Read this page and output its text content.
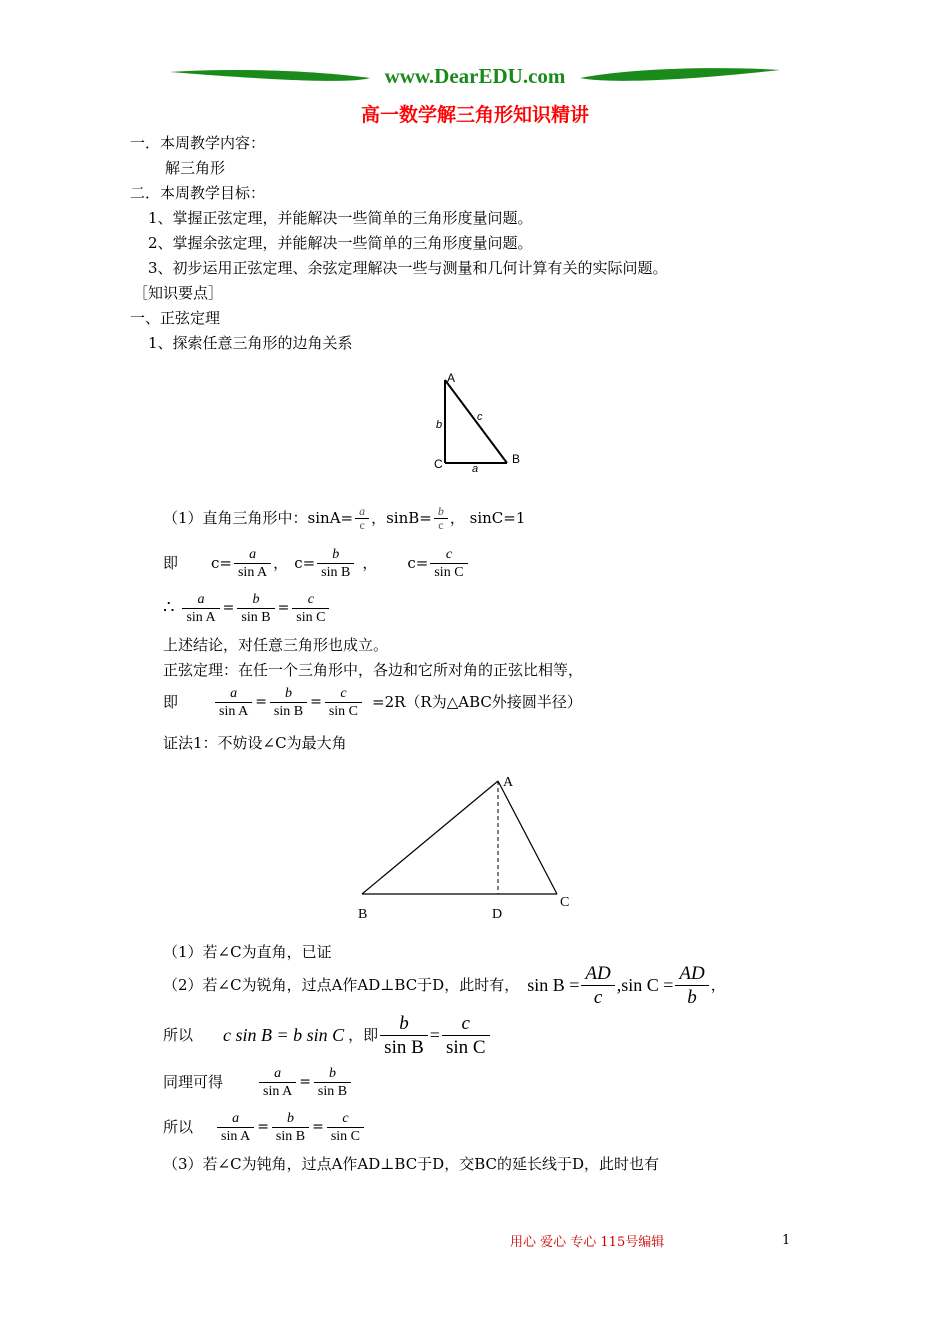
www.DearEDU.com
高一数学解三角形知识精讲
一．本周教学内容：
解三角形
二．本周教学目标：
1、掌握正弦定理，并能解决一些简单的三角形度量问题。
2、掌握余弦定理，并能解决一些简单的三角形度量问题。
3、初步运用正弦定理、余弦定理解决一些与测量和几何计算有关的实际问题。
［知识要点］
一、正弦定理
1、探索任意三角形的边角关系
A
C	B
b
c
a
（1）直角三角形中：$\sin A= \frac{a}{c}$ ，$\sin B= \frac{b}{c}$ ， sinC=1
即	$c= \frac{a}{\text{sin A}}$ ， $c= \frac{b}{\text{sin B}}$ ， $c= \frac{c}{\text{sin C}}$
∴ $\frac{a}{\text{sin A}} = \frac{b}{\text{sin B}} = \frac{c}{\text{sin C}}$
上述结论，对任意三角形也成立。
正弦定理：在任一个三角形中，各边和它所对角的正弦比相等，
即	$\frac{a}{\text{sin A}} = \frac{b}{\text{sin B}} = \frac{c}{\text{sin C}} =2R(R$为△ABC外接圆半径）
证法1：不妨设∠C为最大角
A
B	D
C
（1）若∠C为直角，已证
（2）若∠C为锐角，过点A作AD⊥BC于D，此时有， $\sin B = \frac{AD}{c} ,\sin$ $C = \frac{AD}{b}$ ，
所以	c sin B = b sin C ，即 $\frac{b}{\text{sin B}} = \frac{c}{\text{sin C}}$
同理可得	$\frac{a}{\text{sin A}} = \frac{b}{\text{sin B}}$
所以	$\frac{a}{\text{sin A}} = \frac{b}{\text{sin B}} = \frac{c}{\text{sin C}}$
（3）若∠C为钝角，过点A作AD⊥BC于D，交BC的延长线于D，此时也有
用心 爱心 专心 115号编辑	1
